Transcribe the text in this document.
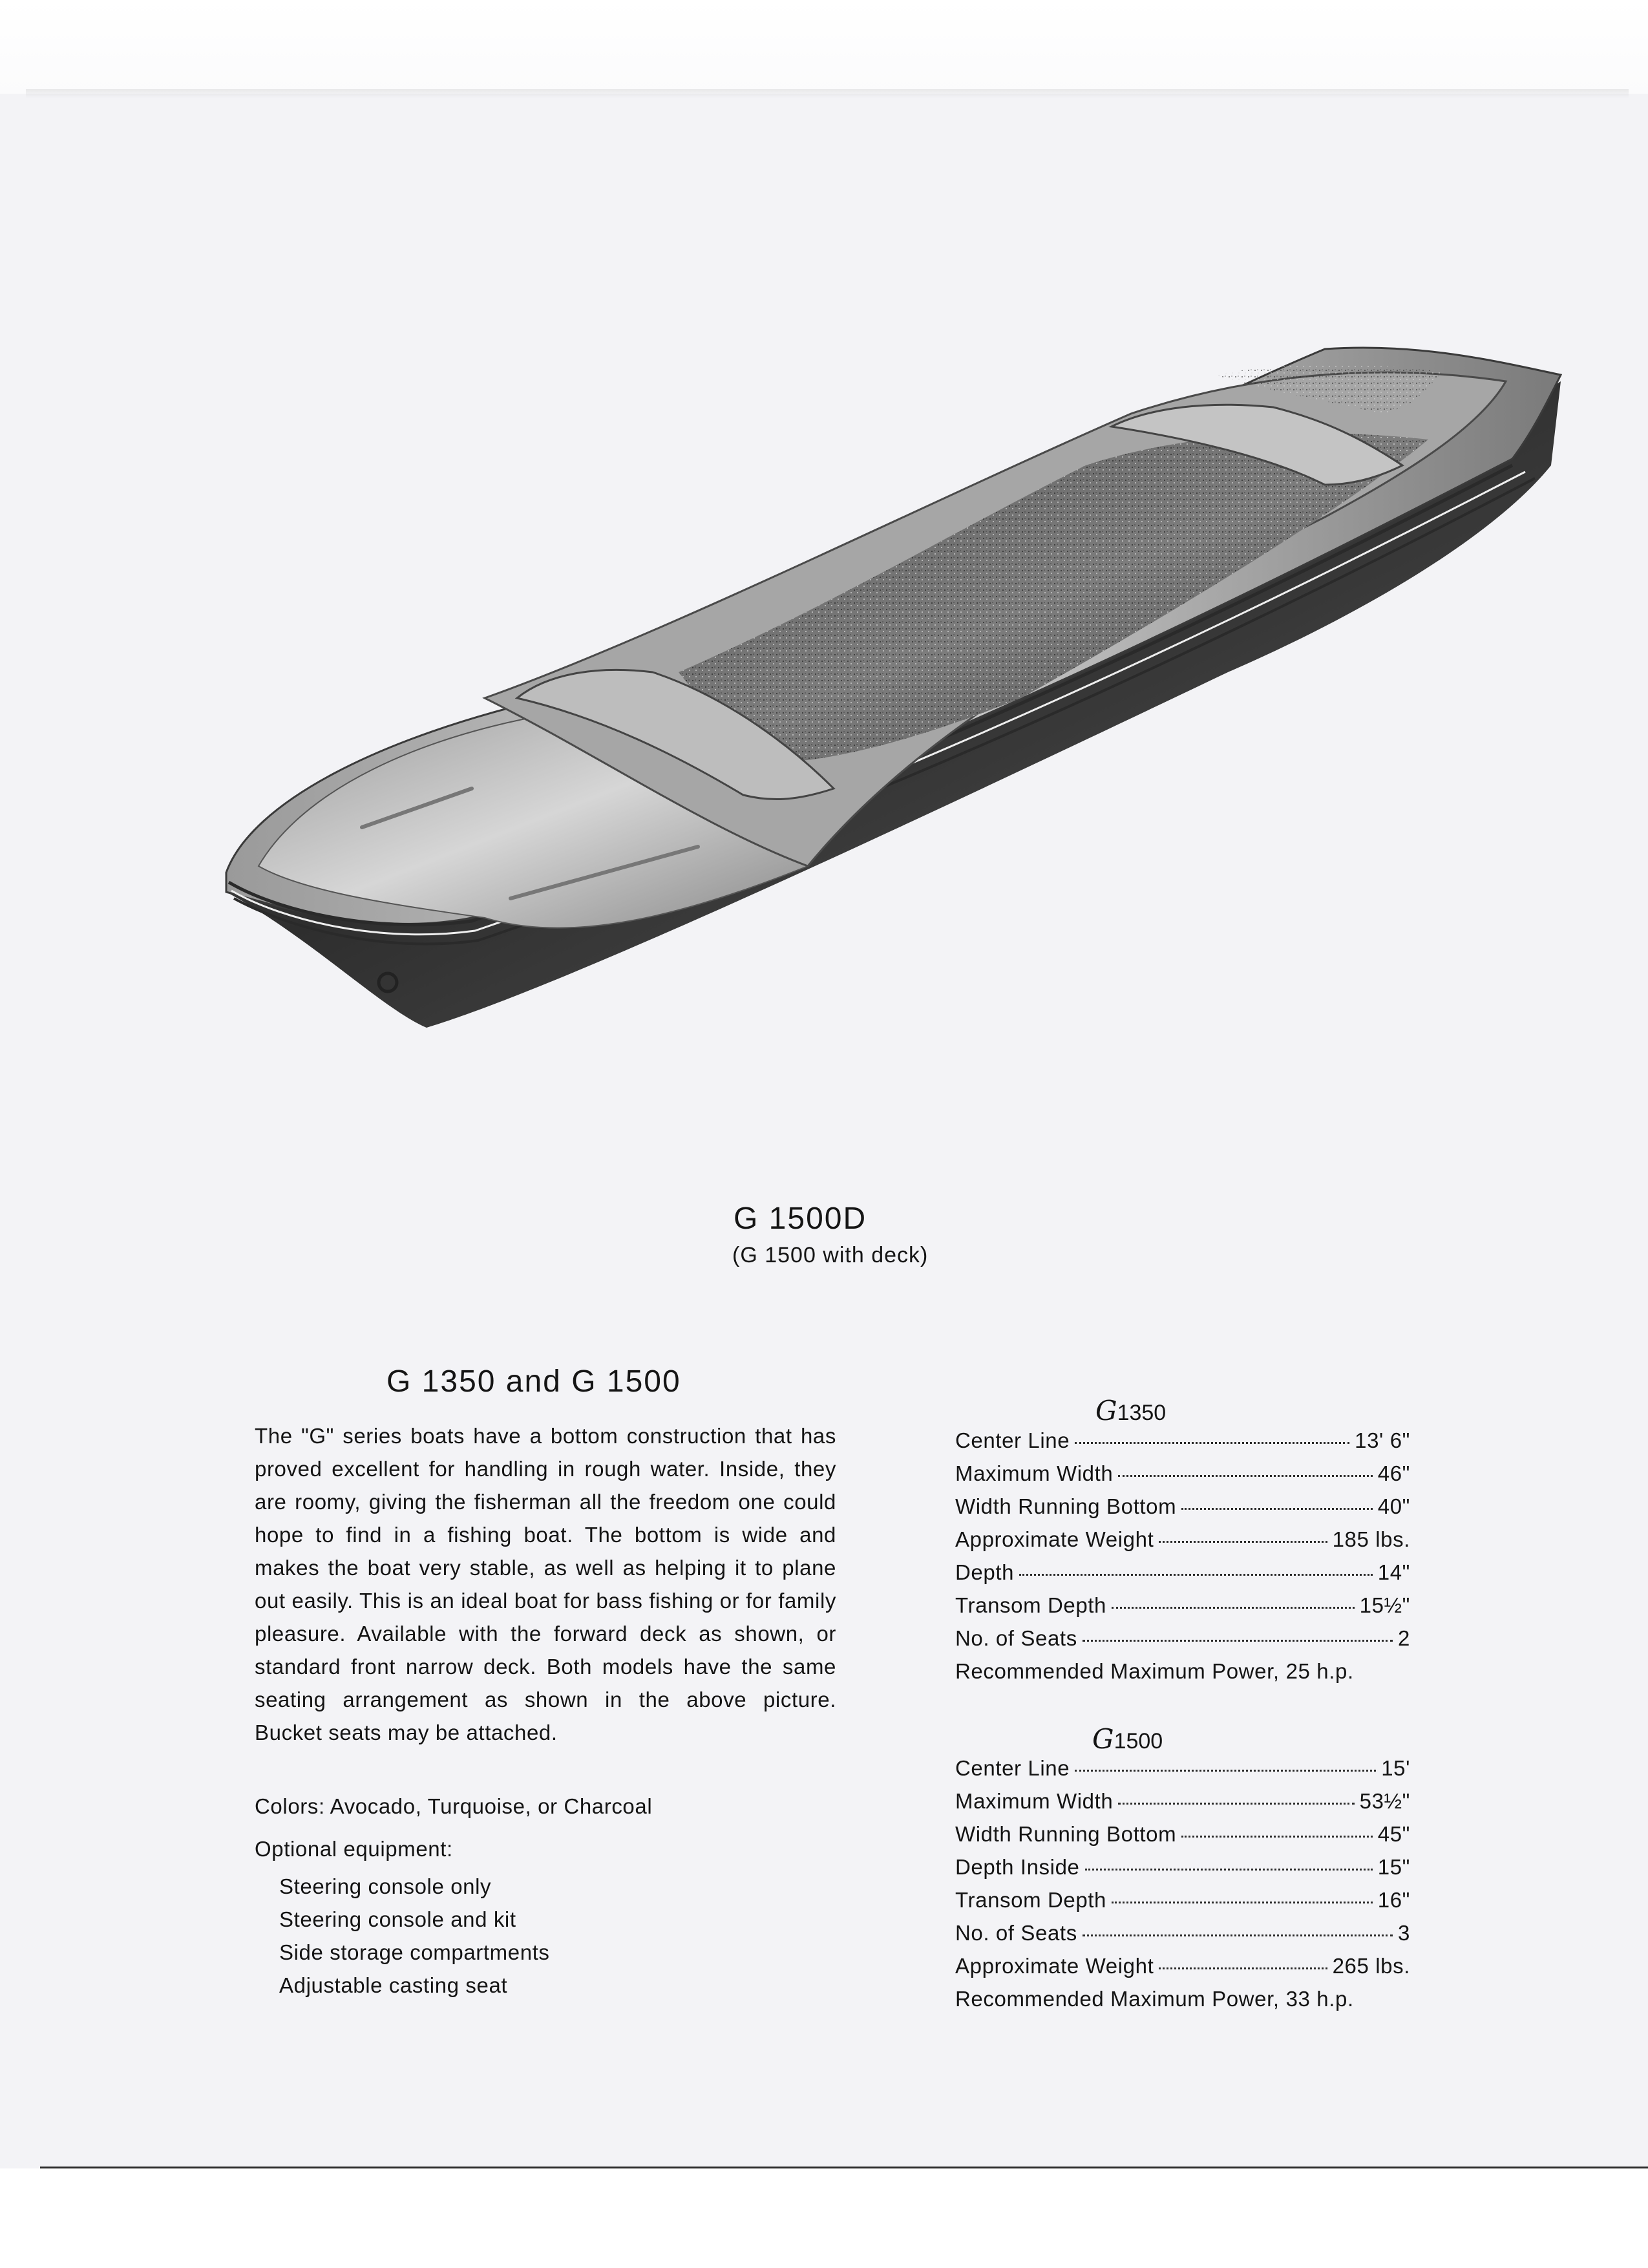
G 1500D
(G 1500 with deck)
G 1350 and G 1500
The "G" series boats have a bottom construction that has proved excellent for handling in rough water. Inside, they are roomy, giving the fisherman all the freedom one could hope to find in a fishing boat. The bottom is wide and makes the boat very stable, as well as helping it to plane out easily. This is an ideal boat for bass fishing or for family pleasure. Available with the forward deck as shown, or standard front narrow deck. Both models have the same seating arrangement as shown in the above picture. Bucket seats may be attached.
Colors: Avocado, Turquoise, or Charcoal
Optional equipment:
Steering console only
Steering console and kit
Side storage compartments
Adjustable casting seat
G1350
Center Line	13' 6"
Maximum Width	46"
Width Running Bottom	40"
Approximate Weight	185 lbs.
Depth	14"
Transom Depth	15½"
No. of Seats	2
Recommended Maximum Power, 25 h.p.
G1500
Center Line	15'
Maximum Width	53½"
Width Running Bottom	45"
Depth Inside	15"
Transom Depth	16"
No. of Seats	3
Approximate Weight	265 lbs.
Recommended Maximum Power, 33 h.p.
